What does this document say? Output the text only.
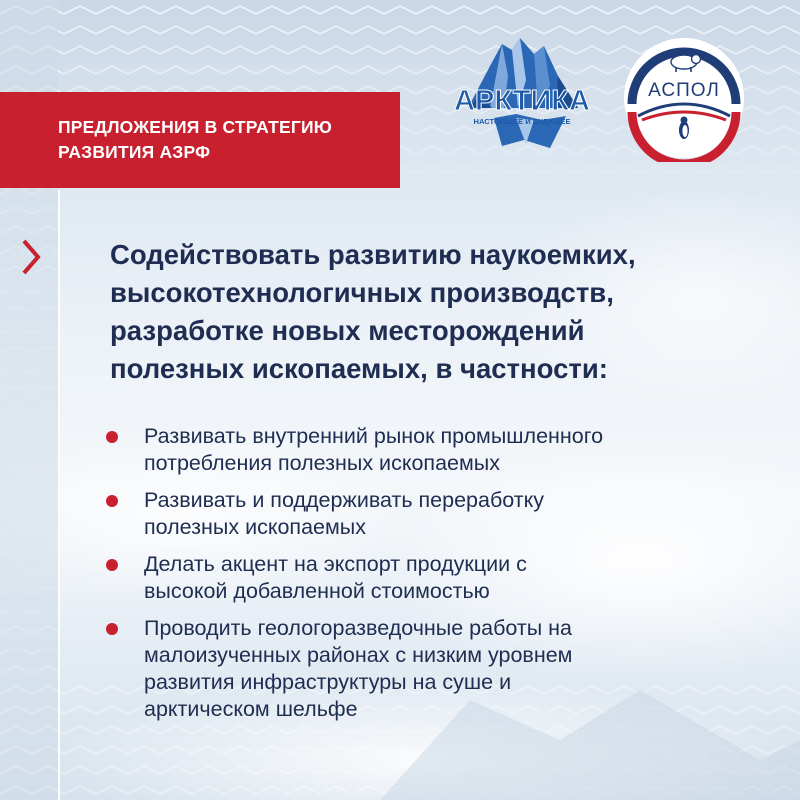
ПРЕДЛОЖЕНИЯ В СТРАТЕГИЮ
РАЗВИТИЯ АЗРФ
АРКТИКА
НАСТОЯЩЕЕ И БУДУЩЕЕ
АСПОЛ
Содействовать развитию наукоемких,
высокотехнологичных производств,
разработке новых месторождений
полезных ископаемых, в частности:
Развивать внутренний рынок промышленного
потребления полезных ископаемых
Развивать и поддерживать переработку
полезных ископаемых
Делать акцент на экспорт продукции с
высокой добавленной стоимостью
Проводить геологоразведочные работы на
малоизученных районах с низким уровнем
развития инфраструктуры на суше и
арктическом шельфе
